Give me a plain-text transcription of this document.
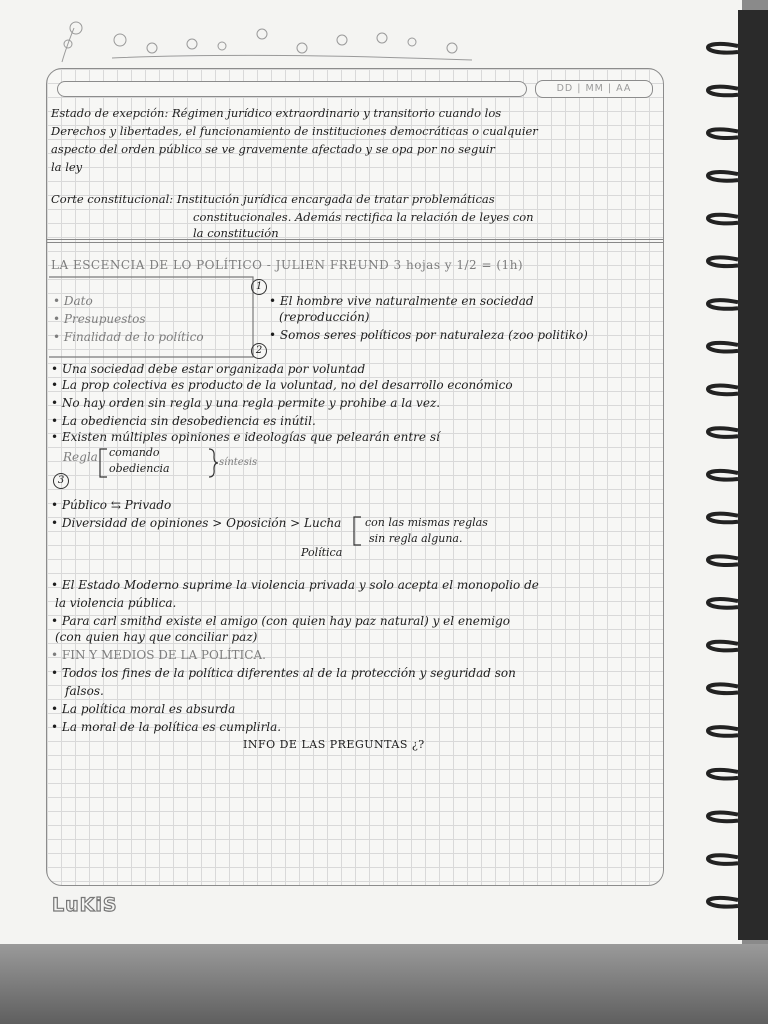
DD | MM | AA
1
2
3
Estado de exepción: Régimen jurídico extraordinario y transitorio cuando los
Derechos y libertades, el funcionamiento de instituciones democráticas o cualquier
aspecto del orden público se ve gravemente afectado y se opa por no seguir
la ley
Corte constitucional: Institución jurídica encargada de tratar problemáticas
constitucionales. Además rectifica la relación de leyes con
la constitución
LA ESCENCIA DE LO POLÍTICO - JULIEN FREUND 3 hojas y 1/2 = (1h)
• Dato
• Presupuestos
• Finalidad de lo político
• El hombre vive naturalmente en sociedad
(reproducción)
• Somos seres políticos por naturaleza (zoo politiko)
• Una sociedad debe estar organizada por voluntad
• La prop colectiva es producto de la voluntad, no del desarrollo económico
• No hay orden sin regla y una regla permite y prohibe a la vez.
• La obediencia sin desobediencia es inútil.
• Existen múltiples opiniones e ideologías que pelearán entre sí
Regla comando
obediencia	síntesis
• Público ⇆ Privado
• Diversidad de opiniones > Oposición > Lucha con las mismas reglas
sin regla alguna.
Política
• El Estado Moderno suprime la violencia privada y solo acepta el monopolio de
la violencia pública.
• Para carl smithd existe el amigo (con quien hay paz natural) y el enemigo
(con quien hay que conciliar paz)
• FIN Y MEDIOS DE LA POLÍTICA.
• Todos los fines de la política diferentes al de la protección y seguridad son
falsos.
• La política moral es absurda
• La moral de la política es cumplirla.
INFO DE LAS PREGUNTAS ¿?
LuKiS
